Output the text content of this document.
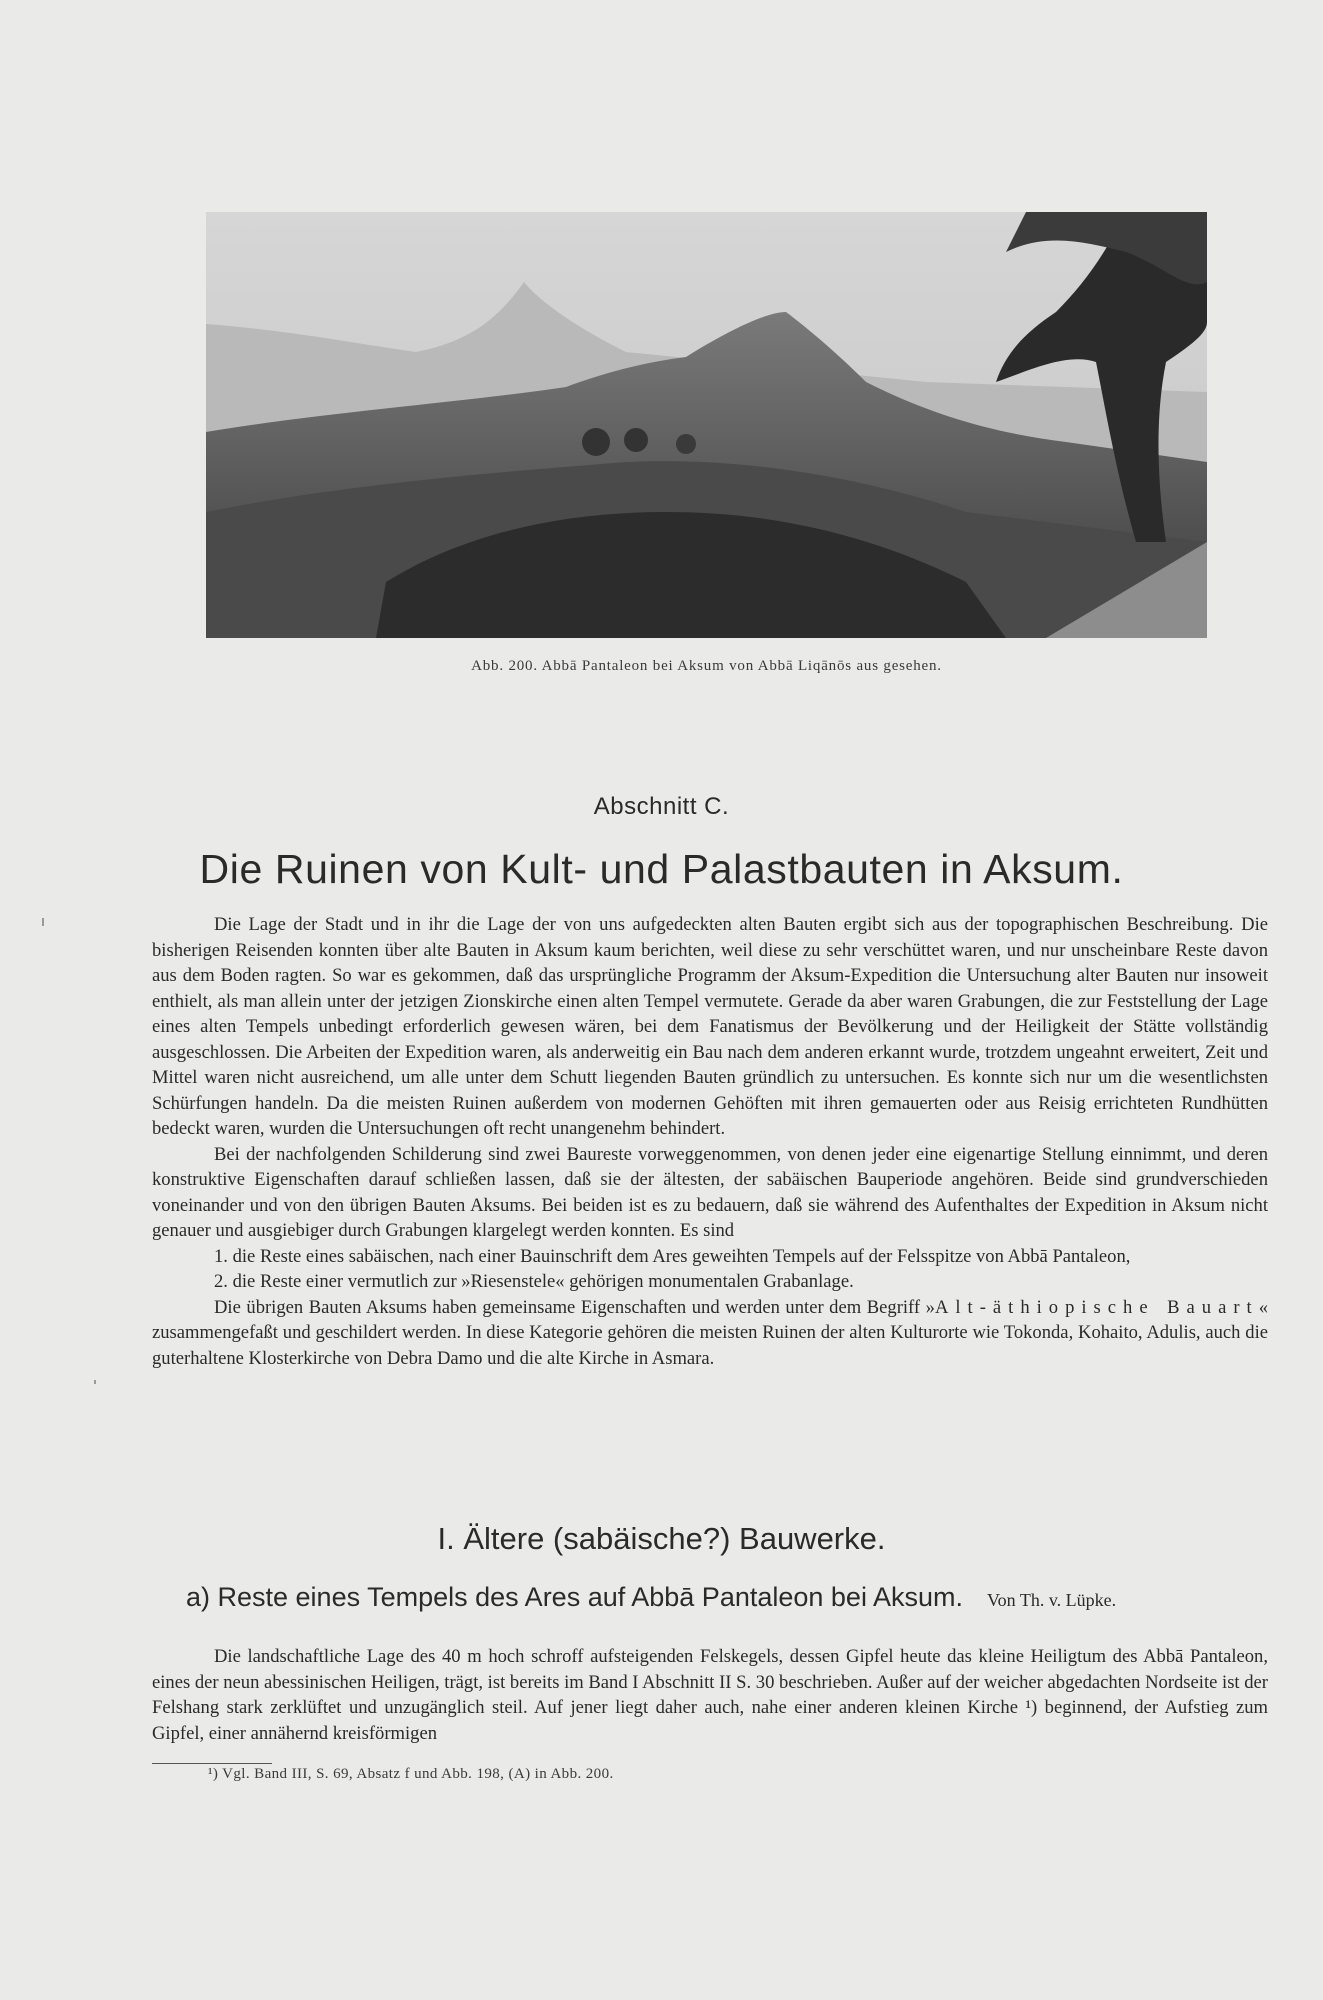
Abb. 200. Abbā Pantaleon bei Aksum von Abbā Liqānōs aus gesehen.
Abschnitt C.
Die Ruinen von Kult- und Palastbauten in Aksum.

Die Lage der Stadt und in ihr die Lage der von uns aufgedeckten alten Bauten ergibt sich aus der topographischen Beschreibung. Die bisherigen Reisenden konnten über alte Bauten in Aksum kaum berichten, weil diese zu sehr verschüttet waren, und nur unscheinbare Reste davon aus dem Boden ragten. So war es gekommen, daß das ursprüngliche Programm der Aksum-Expedition die Untersuchung alter Bauten nur insoweit enthielt, als man allein unter der jetzigen Zionskirche einen alten Tempel vermutete. Gerade da aber waren Grabungen, die zur Feststellung der Lage eines alten Tempels unbedingt erforderlich gewesen wären, bei dem Fanatismus der Bevölkerung und der Heiligkeit der Stätte vollständig ausgeschlossen. Die Arbeiten der Expedition waren, als anderweitig ein Bau nach dem anderen erkannt wurde, trotzdem ungeahnt erweitert, Zeit und Mittel waren nicht ausreichend, um alle unter dem Schutt liegenden Bauten gründlich zu untersuchen. Es konnte sich nur um die wesentlichsten Schürfungen handeln. Da die meisten Ruinen außerdem von modernen Gehöften mit ihren gemauerten oder aus Reisig errichteten Rundhütten bedeckt waren, wurden die Untersuchungen oft recht unangenehm behindert.

Bei der nachfolgenden Schilderung sind zwei Baureste vorweggenommen, von denen jeder eine eigenartige Stellung einnimmt, und deren konstruktive Eigenschaften darauf schließen lassen, daß sie der ältesten, der sabäischen Bauperiode angehören. Beide sind grundverschieden voneinander und von den übrigen Bauten Aksums. Bei beiden ist es zu bedauern, daß sie während des Aufenthaltes der Expedition in Aksum nicht genauer und ausgiebiger durch Grabungen klargelegt werden konnten. Es sind

1. die Reste eines sabäischen, nach einer Bauinschrift dem Ares geweihten Tempels auf der Felsspitze von Abbā Pantaleon,

2. die Reste einer vermutlich zur »Riesenstele« gehörigen monumentalen Grabanlage.

Die übrigen Bauten Aksums haben gemeinsame Eigenschaften und werden unter dem Begriff »Alt-äthiopische Bauart« zusammengefaßt und geschildert werden. In diese Kategorie gehören die meisten Ruinen der alten Kulturorte wie Tokonda, Kohaito, Adulis, auch die guterhaltene Klosterkirche von Debra Damo und die alte Kirche in Asmara.

I. Ältere (sabäische?) Bauwerke.
a) Reste eines Tempels des Ares auf Abbā Pantaleon bei Aksum. Von Th. v. Lüpke.

Die landschaftliche Lage des 40 m hoch schroff aufsteigenden Felskegels, dessen Gipfel heute das kleine Heiligtum des Abbā Pantaleon, eines der neun abessinischen Heiligen, trägt, ist bereits im Band I Abschnitt II S. 30 beschrieben. Außer auf der weicher abgedachten Nordseite ist der Felshang stark zerklüftet und unzugänglich steil. Auf jener liegt daher auch, nahe einer anderen kleinen Kirche ¹) beginnend, der Aufstieg zum Gipfel, einer annähernd kreisförmigen

¹) Vgl. Band III, S. 69, Absatz f und Abb. 198, (A) in Abb. 200.
